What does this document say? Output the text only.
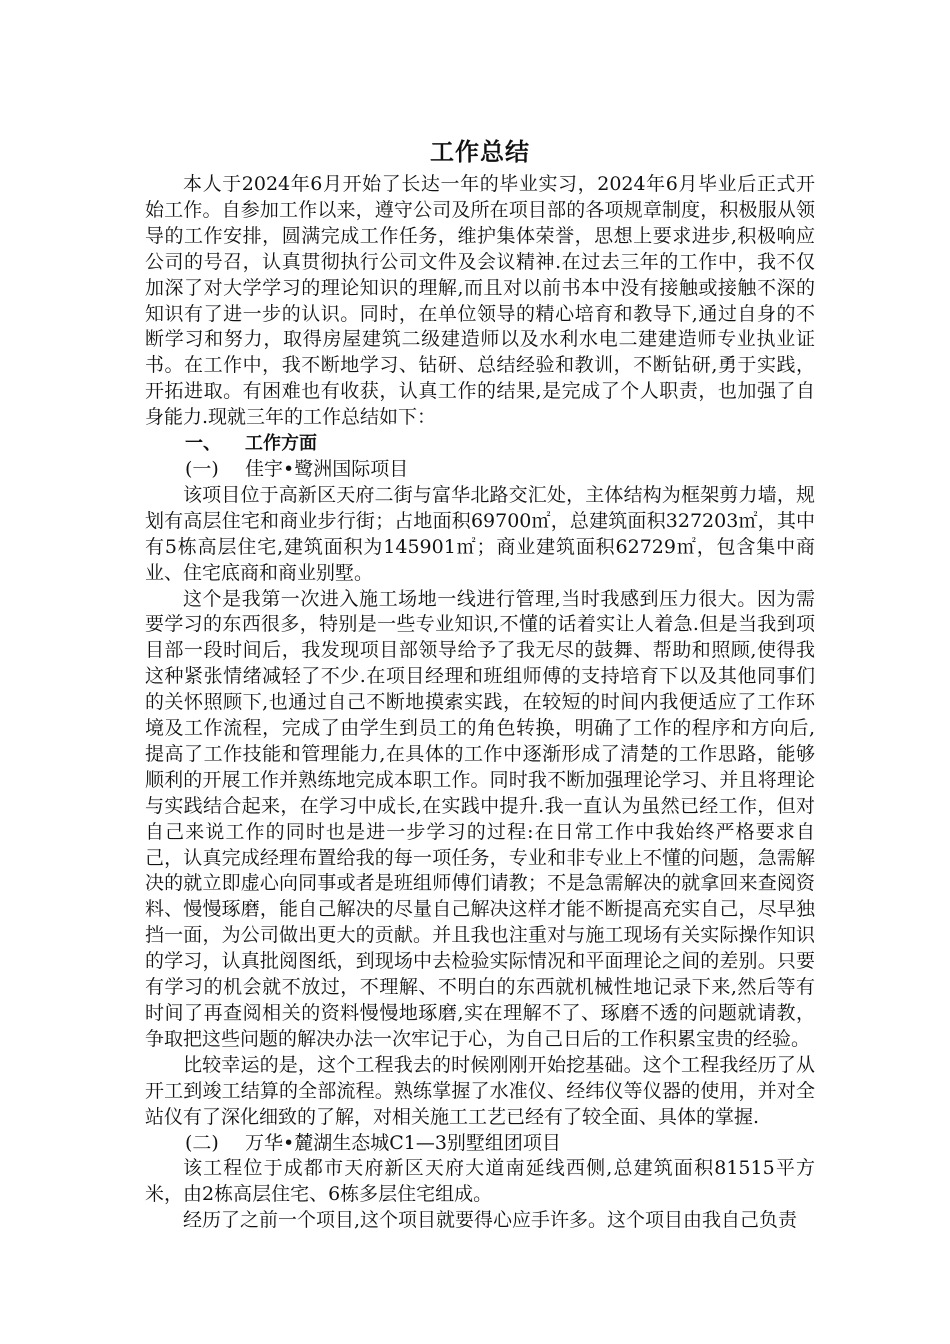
工作总结

本人于2024年6月开始了长达一年的毕业实习，2024年6月毕业后正式开始工作。自参加工作以来，遵守公司及所在项目部的各项规章制度，积极服从领导的工作安排，圆满完成工作任务，维护集体荣誉，思想上要求进步,积极响应公司的号召，认真贯彻执行公司文件及会议精神.在过去三年的工作中，我不仅加深了对大学学习的理论知识的理解,而且对以前书本中没有接触或接触不深的知识有了进一步的认识。同时，在单位领导的精心培育和教导下,通过自身的不断学习和努力，取得房屋建筑二级建造师以及水利水电二建建造师专业执业证书。在工作中，我不断地学习、钻研、总结经验和教训，不断钻研,勇于实践，开拓进取。有困难也有收获，认真工作的结果,是完成了个人职责，也加强了自身能力.现就三年的工作总结如下：

一、 工作方面
(一) 佳宇•鹭洲国际项目

该项目位于高新区天府二街与富华北路交汇处，主体结构为框架剪力墙，规划有高层住宅和商业步行街；占地面积69700㎡，总建筑面积327203㎡，其中有5栋高层住宅,建筑面积为145901㎡；商业建筑面积62729㎡，包含集中商业、住宅底商和商业别墅。

这个是我第一次进入施工场地一线进行管理,当时我感到压力很大。因为需要学习的东西很多，特别是一些专业知识,不懂的话着实让人着急.但是当我到项目部一段时间后，我发现项目部领导给予了我无尽的鼓舞、帮助和照顾,使得我这种紧张情绪减轻了不少.在项目经理和班组师傅的支持培育下以及其他同事们的关怀照顾下,也通过自己不断地摸索实践，在较短的时间内我便适应了工作环境及工作流程，完成了由学生到员工的角色转换，明确了工作的程序和方向后,提高了工作技能和管理能力,在具体的工作中逐渐形成了清楚的工作思路，能够顺利的开展工作并熟练地完成本职工作。同时我不断加强理论学习、并且将理论与实践结合起来，在学习中成长,在实践中提升.我一直认为虽然已经工作，但对自己来说工作的同时也是进一步学习的过程:在日常工作中我始终严格要求自己，认真完成经理布置给我的每一项任务，专业和非专业上不懂的问题，急需解决的就立即虚心向同事或者是班组师傅们请教；不是急需解决的就拿回来查阅资料、慢慢琢磨，能自己解决的尽量自己解决这样才能不断提高充实自己，尽早独挡一面，为公司做出更大的贡献。并且我也注重对与施工现场有关实际操作知识的学习，认真批阅图纸，到现场中去检验实际情况和平面理论之间的差别。只要有学习的机会就不放过，不理解、不明白的东西就机械性地记录下来,然后等有时间了再查阅相关的资料慢慢地琢磨,实在理解不了、琢磨不透的问题就请教，争取把这些问题的解决办法一次牢记于心，为自己日后的工作积累宝贵的经验。

比较幸运的是，这个工程我去的时候刚刚开始挖基础。这个工程我经历了从开工到竣工结算的全部流程。熟练掌握了水准仪、经纬仪等仪器的使用，并对全站仪有了深化细致的了解，对相关施工工艺已经有了较全面、具体的掌握.

(二) 万华•麓湖生态城C1—3别墅组团项目

该工程位于成都市天府新区天府大道南延线西侧,总建筑面积81515平方米，由2栋高层住宅、6栋多层住宅组成。

经历了之前一个项目,这个项目就要得心应手许多。这个项目由我自己负责
